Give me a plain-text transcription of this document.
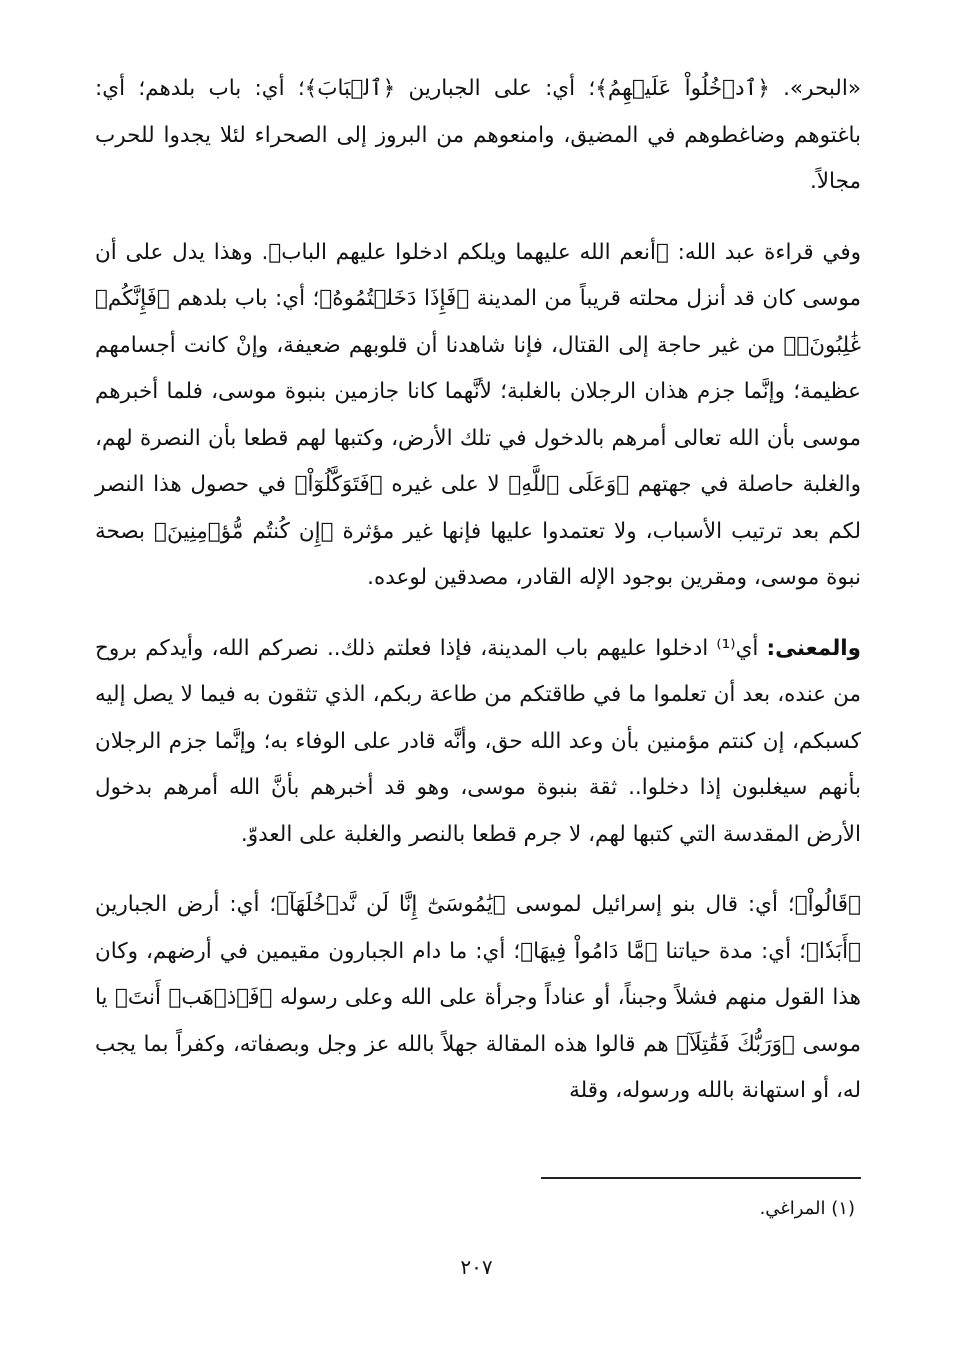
«البحر». ﴿ٱدۡخُلُواْ عَلَيۡهِمُ﴾؛ أي: على الجبارين ﴿ٱلۡبَابَ﴾؛ أي: باب بلدهم؛ أي: باغتوهم وضاغطوهم في المضيق، وامنعوهم من البروز إلى الصحراء لئلا يجدوا للحرب مجالاً.

وفي قراءة عبد الله: ﴿أنعم الله عليهما ويلكم ادخلوا عليهم الباب﴾. وهذا يدل على أن موسى كان قد أنزل محلته قريباً من المدينة ﴿فَإِذَا دَخَلۡتُمُوهُ﴾؛ أي: باب بلدهم ﴿فَإِنَّكُمۡ غَٰلِبُونَۚ﴾ من غير حاجة إلى القتال، فإنا شاهدنا أن قلوبهم ضعيفة، وإنْ كانت أجسامهم عظيمة؛ وإنَّما جزم هذان الرجلان بالغلبة؛ لأنَّهما كانا جازمين بنبوة موسى، فلما أخبرهم موسى بأن الله تعالى أمرهم بالدخول في تلك الأرض، وكتبها لهم قطعا بأن النصرة لهم، والغلبة حاصلة في جهتهم ﴿وَعَلَى ٱللَّهِ﴾ لا على غيره ﴿فَتَوَكَّلُوٓاْ﴾ في حصول هذا النصر لكم بعد ترتيب الأسباب، ولا تعتمدوا عليها فإنها غير مؤثرة ﴿إِن كُنتُم مُّؤۡمِنِينَ﴾ بصحة نبوة موسى، ومقرين بوجود الإله القادر، مصدقين لوعده.

والمعنى: أي⁽¹⁾ ادخلوا عليهم باب المدينة، فإذا فعلتم ذلك.. نصركم الله، وأيدكم بروح من عنده، بعد أن تعلموا ما في طاقتكم من طاعة ربكم، الذي تثقون به فيما لا يصل إليه كسبكم، إن كنتم مؤمنين بأن وعد الله حق، وأنَّه قادر على الوفاء به؛ وإنَّما جزم الرجلان بأنهم سيغلبون إذا دخلوا.. ثقة بنبوة موسى، وهو قد أخبرهم بأنَّ الله أمرهم بدخول الأرض المقدسة التي كتبها لهم، لا جرم قطعا بالنصر والغلبة على العدوّ.

﴿قَالُواْ﴾؛ أي: قال بنو إسرائيل لموسى ﴿يَٰمُوسَىٰٓ إِنَّا لَن نَّدۡخُلَهَآ﴾؛ أي: أرض الجبارين ﴿أَبَدٗا﴾؛ أي: مدة حياتنا ﴿مَّا دَامُواْ فِيهَا﴾؛ أي: ما دام الجبارون مقيمين في أرضهم، وكان هذا القول منهم فشلاً وجبناً، أو عناداً وجرأة على الله وعلى رسوله ﴿فَٱذۡهَبۡ أَنتَ﴾ يا موسى ﴿وَرَبُّكَ فَقَٰتِلَآ﴾ هم قالوا هذه المقالة جهلاً بالله عز وجل وبصفاته، وكفراً بما يجب له، أو استهانة بالله ورسوله، وقلة

(١) المراغي.
٢٠٧
